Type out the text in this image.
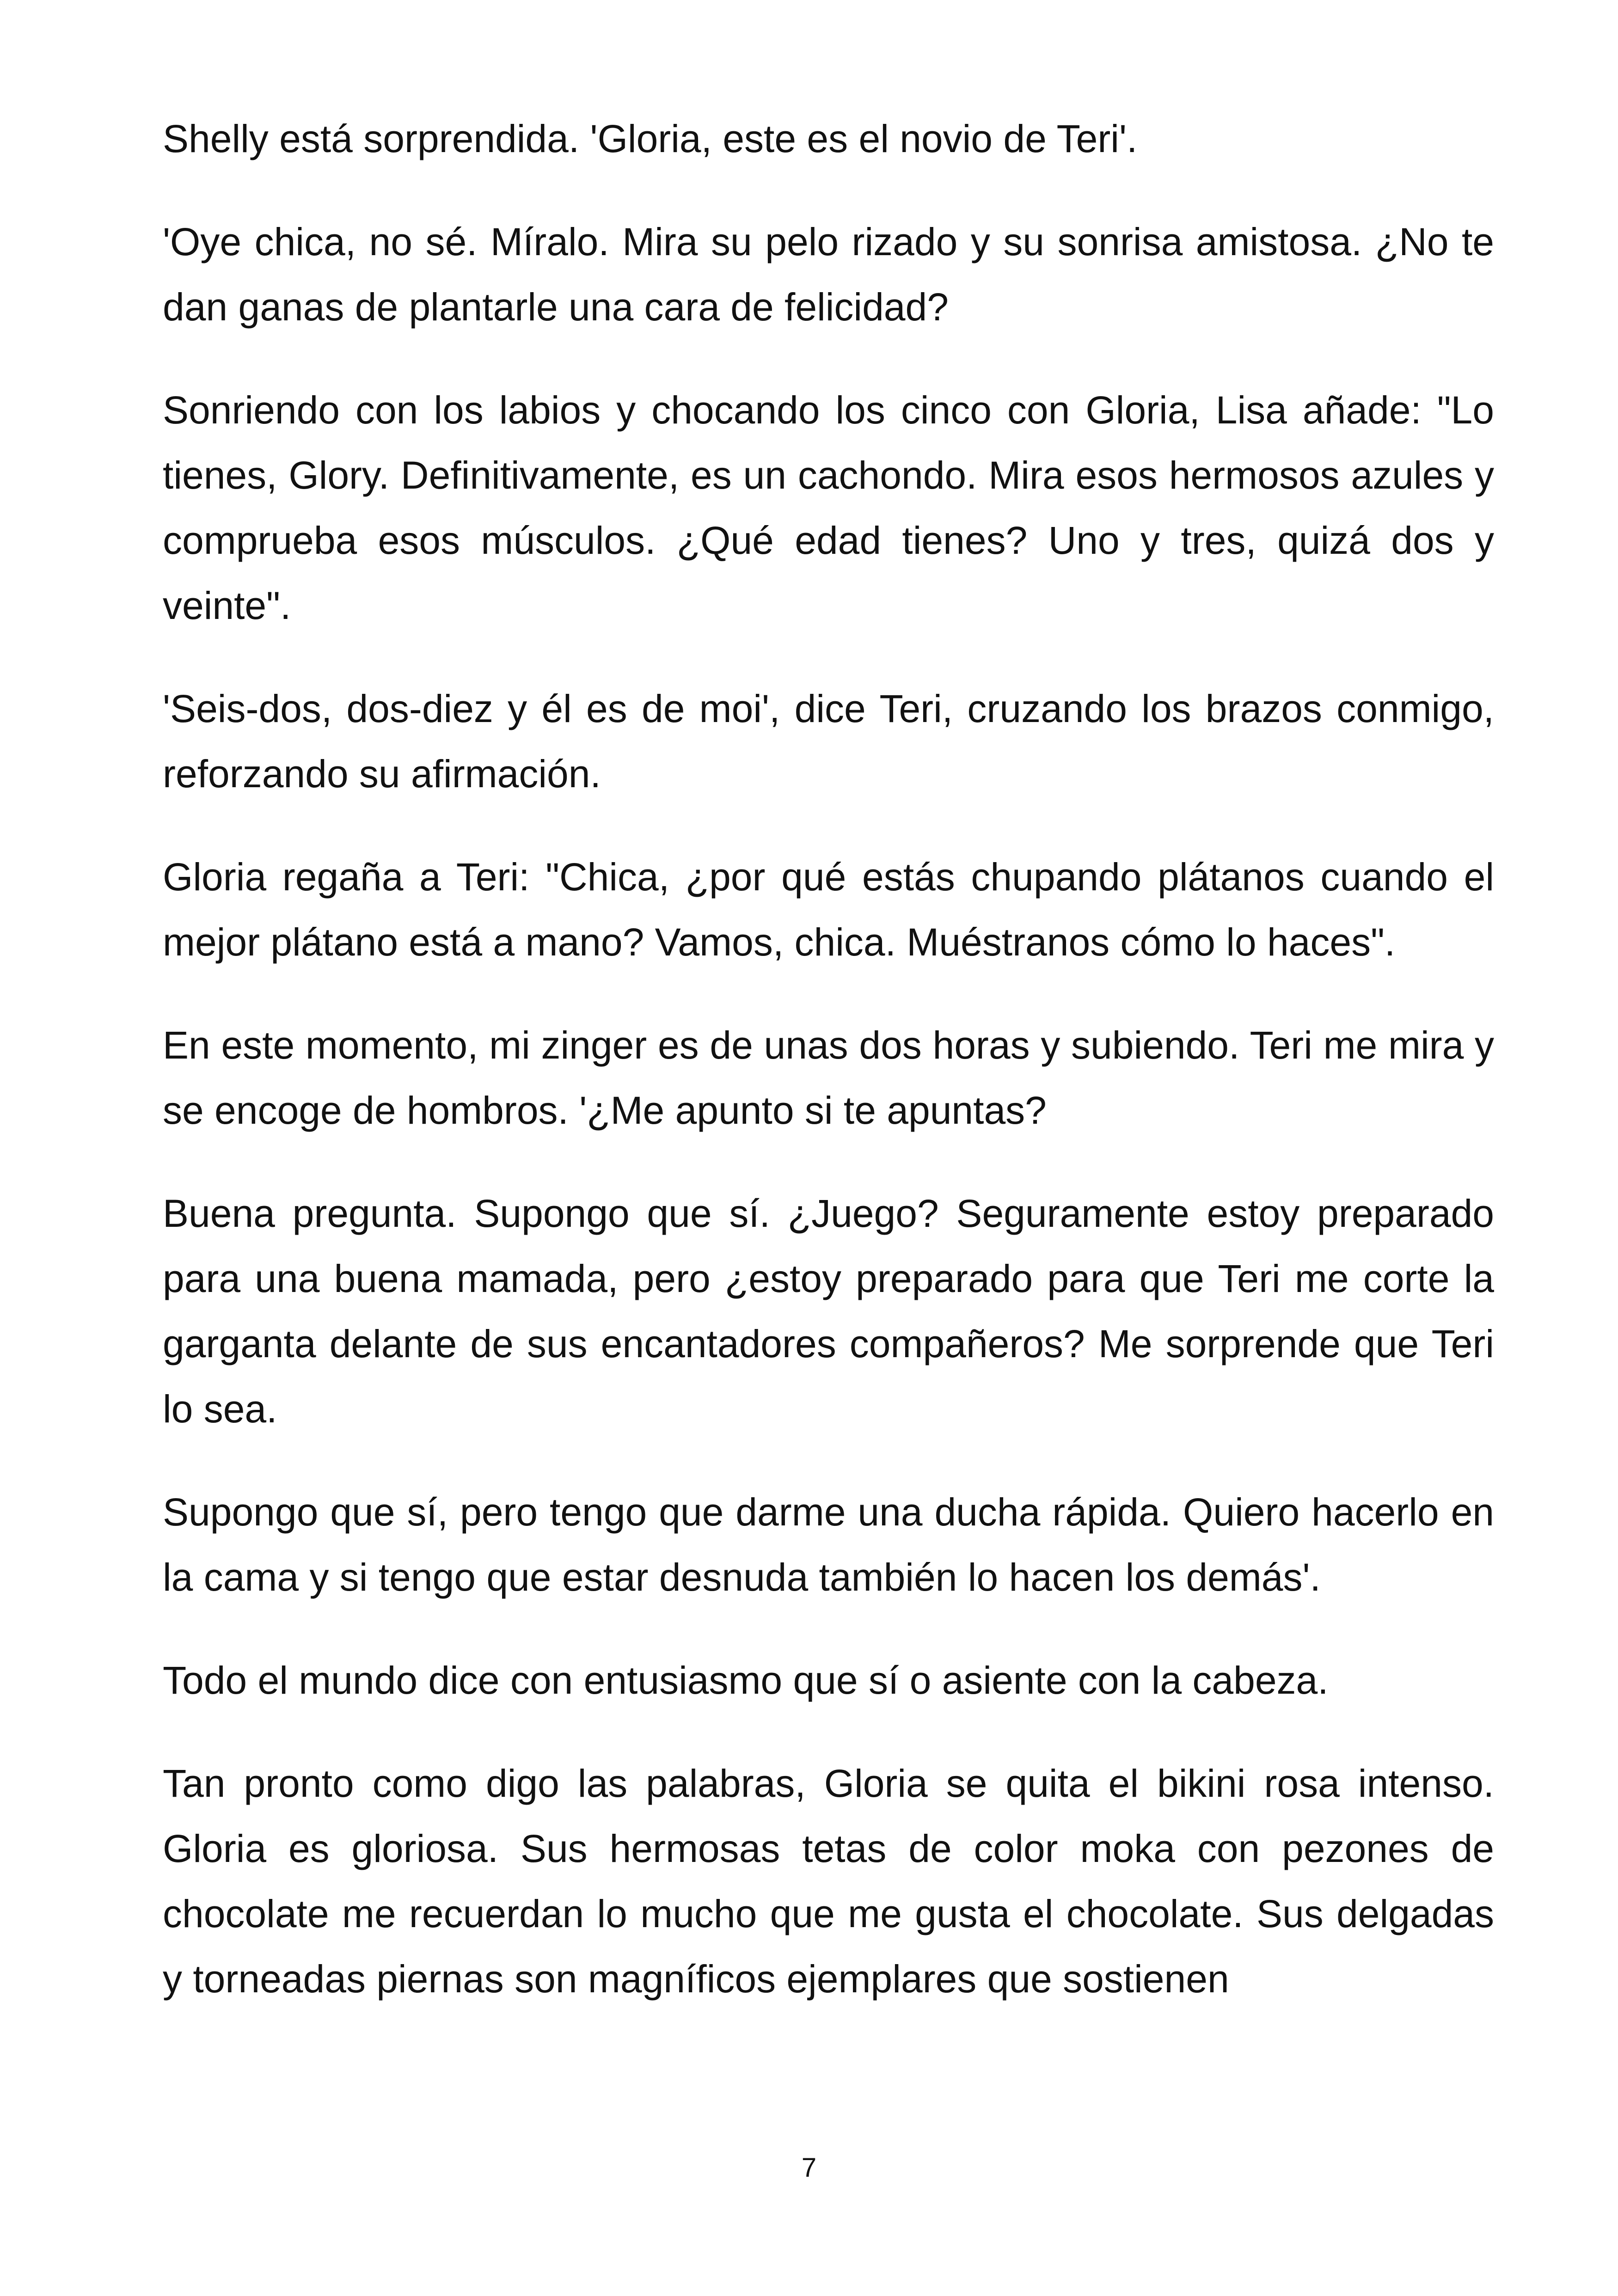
Shelly está sorprendida. 'Gloria, este es el novio de Teri'.

'Oye chica, no sé. Míralo. Mira su pelo rizado y su sonrisa amistosa. ¿No te dan ganas de plantarle una cara de felicidad?

Sonriendo con los labios y chocando los cinco con Gloria, Lisa añade: "Lo tienes, Glory. Definitivamente, es un cachondo. Mira esos hermosos azules y comprueba esos músculos. ¿Qué edad tienes? Uno y tres, quizá dos y veinte".

'Seis-dos, dos-diez y él es de moi', dice Teri, cruzando los brazos conmigo, reforzando su afirmación.

Gloria regaña a Teri: "Chica, ¿por qué estás chupando plátanos cuando el mejor plátano está a mano? Vamos, chica. Muéstranos cómo lo haces".

En este momento, mi zinger es de unas dos horas y subiendo. Teri me mira y se encoge de hombros. '¿Me apunto si te apuntas?

Buena pregunta. Supongo que sí. ¿Juego? Seguramente estoy preparado para una buena mamada, pero ¿estoy preparado para que Teri me corte la garganta delante de sus encantadores compañeros? Me sorprende que Teri lo sea.

Supongo que sí, pero tengo que darme una ducha rápida. Quiero hacerlo en la cama y si tengo que estar desnuda también lo hacen los demás'.

Todo el mundo dice con entusiasmo que sí o asiente con la cabeza.

Tan pronto como digo las palabras, Gloria se quita el bikini rosa intenso. Gloria es gloriosa. Sus hermosas tetas de color moka con pezones de chocolate me recuerdan lo mucho que me gusta el chocolate. Sus delgadas y torneadas piernas son magníficos ejemplares que sostienen

7
